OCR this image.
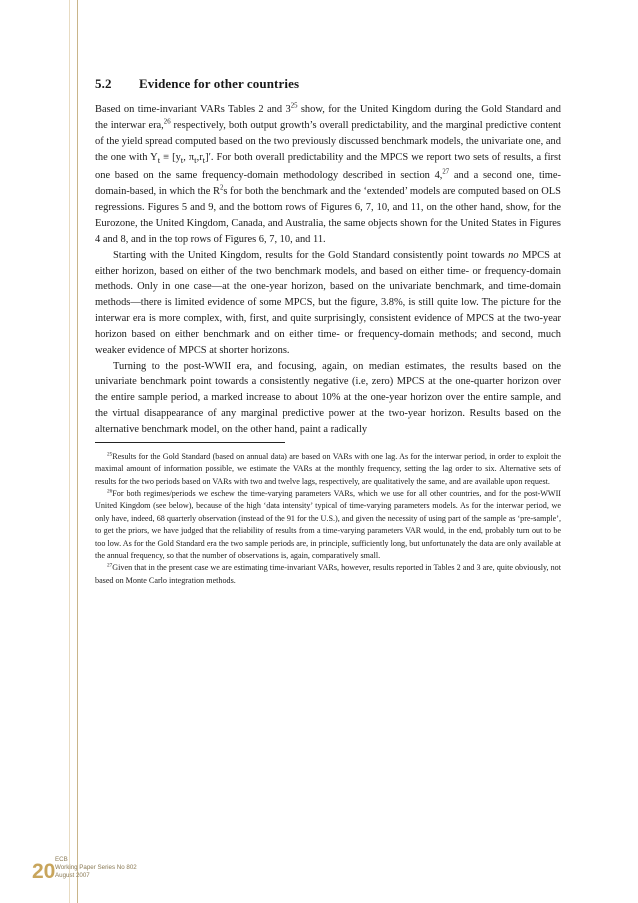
5.2 Evidence for other countries

Based on time-invariant VARs Tables 2 and $3^{25}$ show, for the United Kingdom during the Gold Standard and the interwar era,$^{26}$ respectively, both output growth’s overall predictability, and the marginal predictive content of the yield spread computed based on the two previously discussed benchmark models, the univariate one, and the one with $Y_t \equiv [y_t$, $\pi_t,r_t]'$. For both overall predictability and the MPCS we report two sets of results, a first one based on the same frequency-domain methodology described in section 4,27 and a second one, time-domain-based, in which the $R^2s$ for both the benchmark and the ‘extended’ models are computed based on OLS regressions. Figures 5 and 9, and the bottom rows of Figures 6, 7, 10, and 11, on the other hand, show, for the Eurozone, the United Kingdom, Canada, and Australia, the same objects shown for the United States in Figures 4 and 8, and in the top rows of Figures 6, 7, 10, and 11.

Starting with the United Kingdom, results for the Gold Standard consistently point towards no MPCS at either horizon, based on either of the two benchmark models, and based on either time- or frequency-domain methods. Only in one case—at the one-year horizon, based on the univariate benchmark, and time-domain methods—there is limited evidence of some MPCS, but the figure, 3.8%, is still quite low. The picture for the interwar era is more complex, with, first, and quite surprisingly, consistent evidence of MPCS at the two-year horizon based on either benchmark and on either time- or frequency-domain methods; and second, much weaker evidence of MPCS at shorter horizons.

Turning to the post-WWII era, and focusing, again, on median estimates, the results based on the univariate benchmark point towards a consistently negative (i.e, zero) MPCS at the one-quarter horizon over the entire sample period, a marked increase to about 10% at the one-year horizon over the entire sample, and the virtual disappearance of any marginal predictive power at the two-year horizon. Results based on the alternative benchmark model, on the other hand, paint a radically

$^{25}$Results for the Gold Standard (based on annual data) are based on VARs with one lag. As for the interwar period, in order to exploit the maximal amount of information possible, we estimate the VARs at the monthly frequency, setting the lag order to six. Alternative sets of results for the two periods based on VARs with two and twelve lags, respectively, are qualitatively the same, and are available upon request.

$^{26}$For both regimes/periods we eschew the time-varying parameters VARs, which we use for all other countries, and for the post-WWII United Kingdom (see below), because of the high ‘data intensity’ typical of time-varying parameters models. As for the interwar period, we only have, indeed, 68 quarterly observation (instead of the 91 for the U.S.), and given the necessity of using part of the sample as ‘pre-sample’, to get the priors, we have judged that the reliability of results from a time-varying parameters VAR would, in the end, probably turn out to be too low. As for the Gold Standard era the two sample periods are, in principle, sufficiently long, but unfortunately the data are only available at the annual frequency, so that the number of observations is, again, comparatively small.

$^{27}$Given that in the present case we are estimating time-invariant VARs, however, results reported in Tables 2 and 3 are, quite obviously, not based on Monte Carlo integration methods.

20
ECB
Working Paper Series No 802
August 2007
